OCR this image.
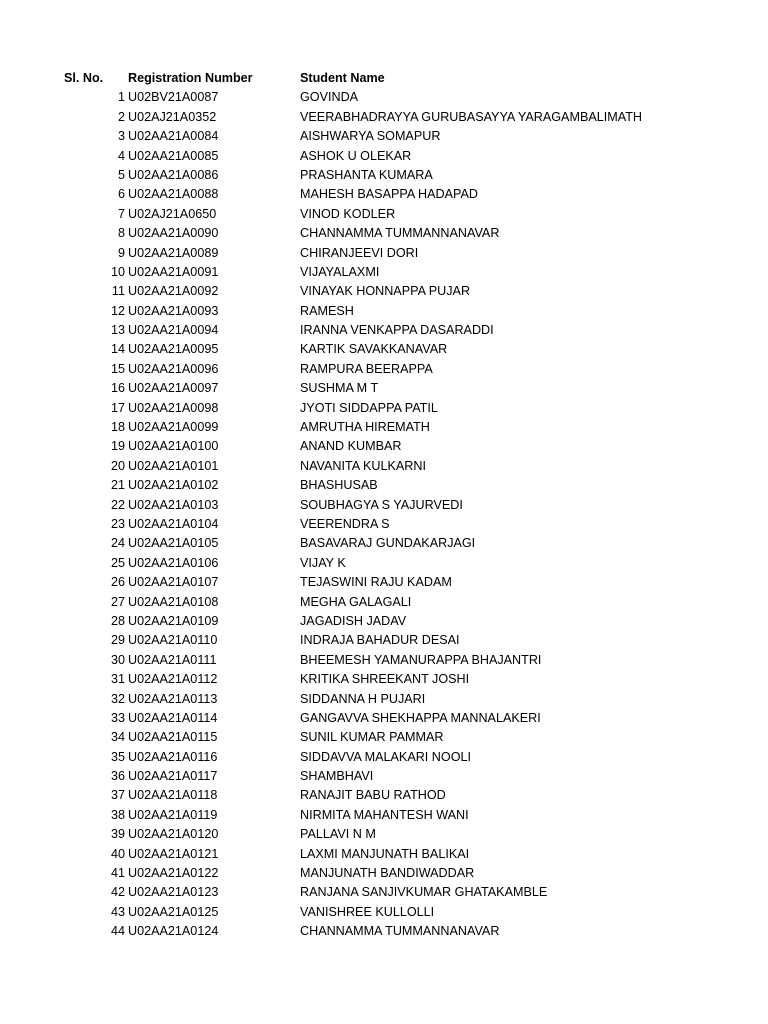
Sl. No. Registration Number	Student Name
1 U02BV21A0087	GOVINDA
2 U02AJ21A0352	VEERABHADRAYYA GURUBASAYYA YARAGAMBALIMATH
3 U02AA21A0084	AISHWARYA SOMAPUR
4 U02AA21A0085	ASHOK U OLEKAR
5 U02AA21A0086	PRASHANTA KUMARA
6 U02AA21A0088	MAHESH BASAPPA HADAPAD
7 U02AJ21A0650	VINOD KODLER
8 U02AA21A0090	CHANNAMMA TUMMANNANAVAR
9 U02AA21A0089	CHIRANJEEVI DORI
10 U02AA21A0091	VIJAYALAXMI
11 U02AA21A0092	VINAYAK HONNAPPA PUJAR
12 U02AA21A0093	RAMESH
13 U02AA21A0094	IRANNA VENKAPPA DASARADDI
14 U02AA21A0095	KARTIK SAVAKKANAVAR
15 U02AA21A0096	RAMPURA BEERAPPA
16 U02AA21A0097	SUSHMA M T
17 U02AA21A0098	JYOTI SIDDAPPA PATIL
18 U02AA21A0099	AMRUTHA HIREMATH
19 U02AA21A0100	ANAND KUMBAR
20 U02AA21A0101	NAVANITA KULKARNI
21 U02AA21A0102	BHASHUSAB
22 U02AA21A0103	SOUBHAGYA S YAJURVEDI
23 U02AA21A0104	VEERENDRA S
24 U02AA21A0105	BASAVARAJ GUNDAKARJAGI
25 U02AA21A0106	VIJAY K
26 U02AA21A0107	TEJASWINI RAJU KADAM
27 U02AA21A0108	MEGHA GALAGALI
28 U02AA21A0109	JAGADISH JADAV
29 U02AA21A0110	INDRAJA BAHADUR DESAI
30 U02AA21A0111	BHEEMESH YAMANURAPPA BHAJANTRI
31 U02AA21A0112	KRITIKA SHREEKANT JOSHI
32 U02AA21A0113	SIDDANNA H PUJARI
33 U02AA21A0114	GANGAVVA SHEKHAPPA MANNALAKERI
34 U02AA21A0115	SUNIL KUMAR PAMMAR
35 U02AA21A0116	SIDDAVVA MALAKARI NOOLI
36 U02AA21A0117	SHAMBHAVI
37 U02AA21A0118	RANAJIT BABU RATHOD
38 U02AA21A0119	NIRMITA MAHANTESH WANI
39 U02AA21A0120	PALLAVI N M
40 U02AA21A0121	LAXMI MANJUNATH BALIKAI
41 U02AA21A0122	MANJUNATH BANDIWADDAR
42 U02AA21A0123	RANJANA SANJIVKUMAR GHATAKAMBLE
43 U02AA21A0125	VANISHREE KULLOLLI
44 U02AA21A0124	CHANNAMMA TUMMANNANAVAR
